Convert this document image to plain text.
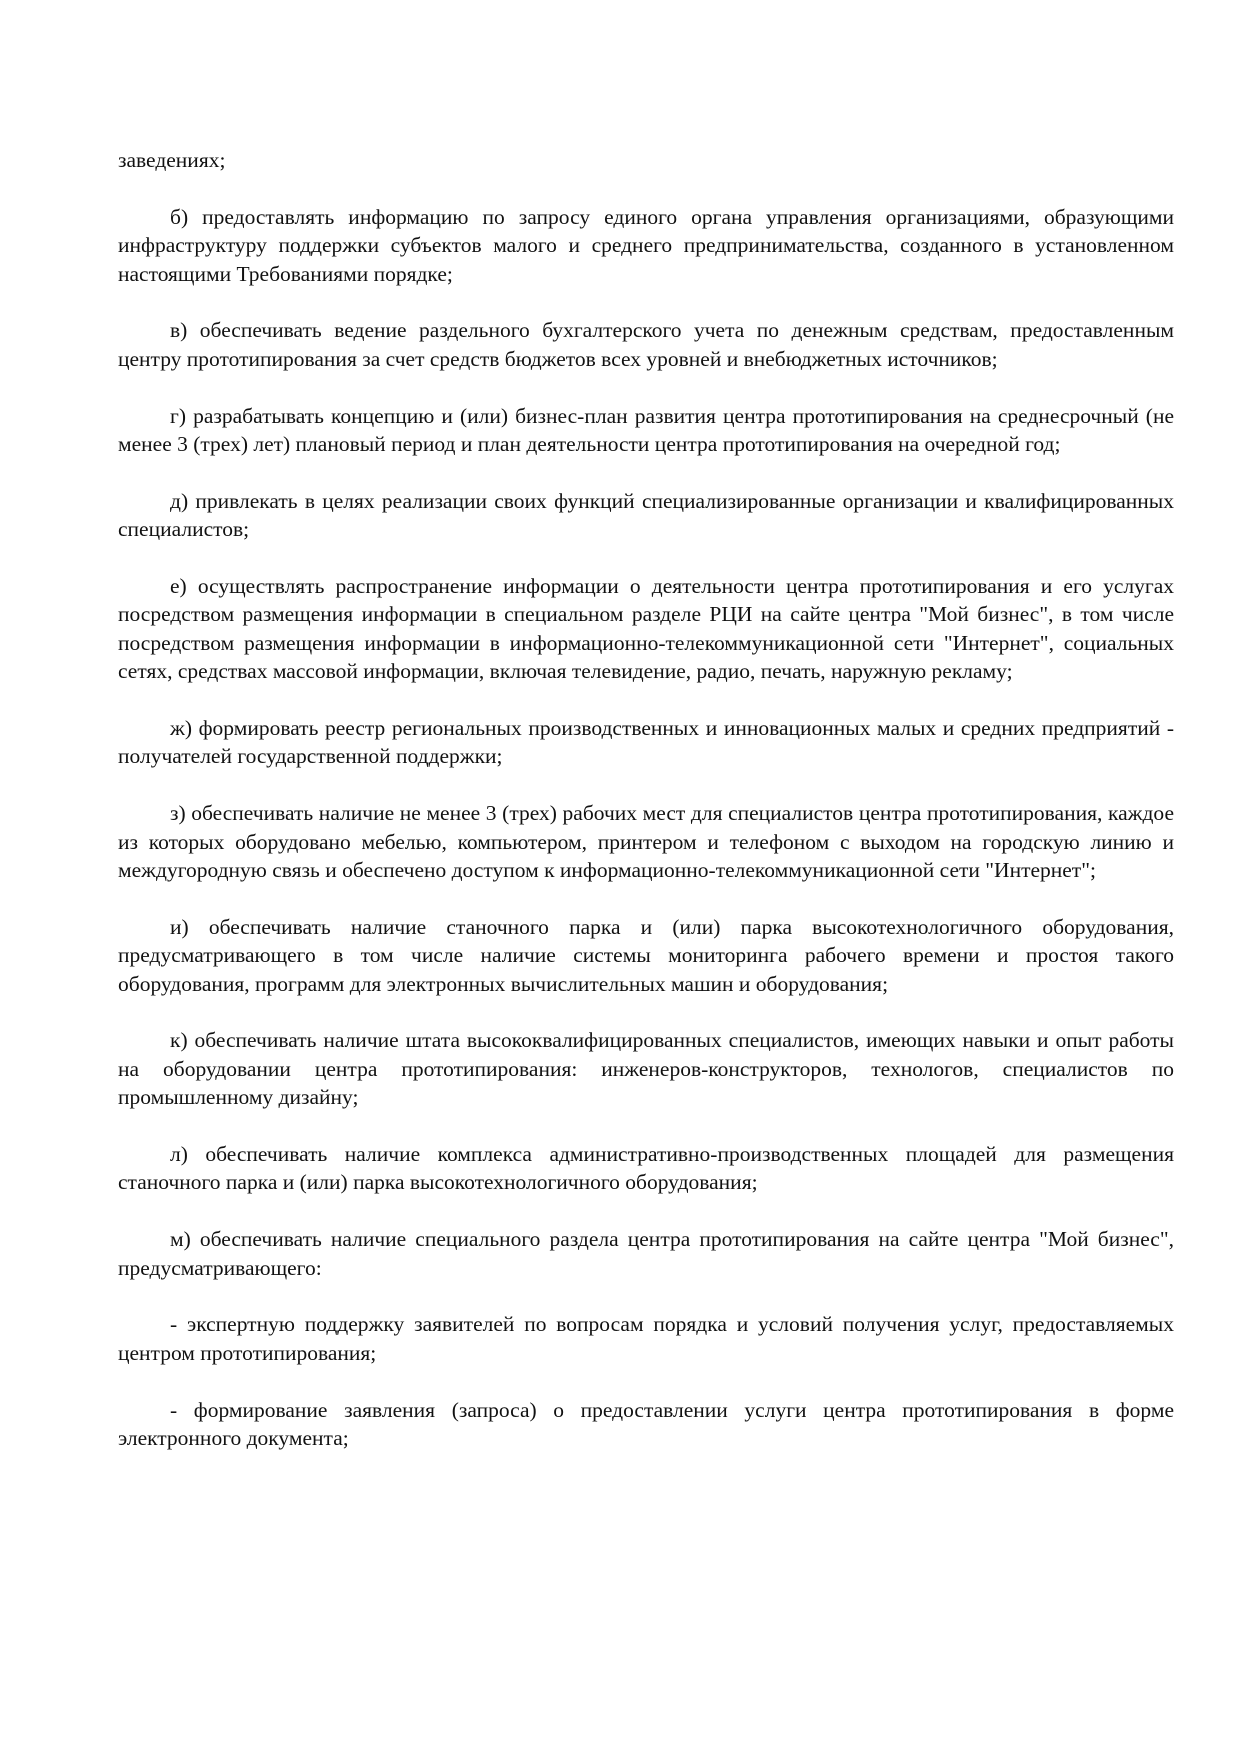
заведениях;

б) предоставлять информацию по запросу единого органа управления организациями, образующими инфраструктуру поддержки субъектов малого и среднего предпринимательства, созданного в установленном настоящими Требованиями порядке;

в) обеспечивать ведение раздельного бухгалтерского учета по денежным средствам, предоставленным центру прототипирования за счет средств бюджетов всех уровней и внебюджетных источников;

г) разрабатывать концепцию и (или) бизнес-план развития центра прототипирования на среднесрочный (не менее 3 (трех) лет) плановый период и план деятельности центра прототипирования на очередной год;

д) привлекать в целях реализации своих функций специализированные организации и квалифицированных специалистов;

е) осуществлять распространение информации о деятельности центра прототипирования и его услугах посредством размещения информации в специальном разделе РЦИ на сайте центра "Мой бизнес", в том числе посредством размещения информации в информационно-телекоммуникационной сети "Интернет", социальных сетях, средствах массовой информации, включая телевидение, радио, печать, наружную рекламу;

ж) формировать реестр региональных производственных и инновационных малых и средних предприятий - получателей государственной поддержки;

з) обеспечивать наличие не менее 3 (трех) рабочих мест для специалистов центра прототипирования, каждое из которых оборудовано мебелью, компьютером, принтером и телефоном с выходом на городскую линию и междугородную связь и обеспечено доступом к информационно-телекоммуникационной сети "Интернет";

и) обеспечивать наличие станочного парка и (или) парка высокотехнологичного оборудования, предусматривающего в том числе наличие системы мониторинга рабочего времени и простоя такого оборудования, программ для электронных вычислительных машин и оборудования;

к) обеспечивать наличие штата высококвалифицированных специалистов, имеющих навыки и опыт работы на оборудовании центра прототипирования: инженеров-конструкторов, технологов, специалистов по промышленному дизайну;

л) обеспечивать наличие комплекса административно-производственных площадей для размещения станочного парка и (или) парка высокотехнологичного оборудования;

м) обеспечивать наличие специального раздела центра прототипирования на сайте центра "Мой бизнес", предусматривающего:

- экспертную поддержку заявителей по вопросам порядка и условий получения услуг, предоставляемых центром прототипирования;

- формирование заявления (запроса) о предоставлении услуги центра прототипирования в форме электронного документа;
